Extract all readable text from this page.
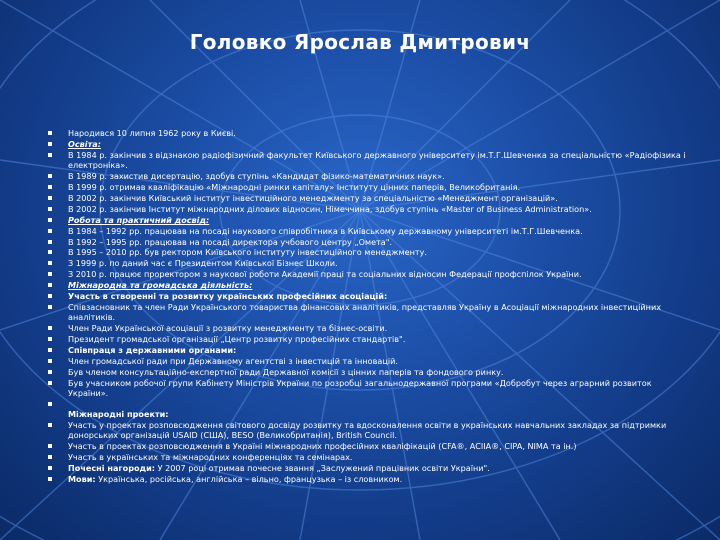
Головко Ярослав Дмитрович
Народився 10 липня 1962 року в Києві.
Освіта:
В 1984 р. закінчив з відзнакою радіофізичний факультет Київського державного університету ім.Т.Г.Шевченка за спеціальністю «Радіофізика і електроніка».
В 1989 р. захистив дисертацію, здобув ступінь «Кандидат фізико-математичних наук».
В 1999 р. отримав кваліфікацію «Міжнародні ринки капіталу» Інституту цінних паперів, Великобританія.
В 2002 р. закінчив Київський інститут інвестиційного менеджменту за спеціальністю «Менеджмент організацій».
В 2002 р. закінчив Інститут міжнародних ділових відносин, Німеччина, здобув ступінь «Master of Business Administration».
Робота та практичний досвід:
В 1984 – 1992 рр. працював на посаді наукового співробітника в Київському державному університеті ім.Т.Г.Шевченка.
В 1992 – 1995 рр. працював на посаді директора учбового центру „Омета".
В 1995 – 2010 рр. був ректором Київського інституту інвестиційного менеджменту.
З 1999 р. по даний час є Президентом Київської Бізнес Школи.
З 2010 р. працює проректором з наукової роботи Академії праці та соціальних відносин Федерації профспілок України.
Міжнародна та громадська діяльність:
Участь в створенні та розвитку українських професійних асоціацій:
Співзасновник та член Ради Українського товариства фінансових аналітиків, представляв Україну в Асоціації міжнародних інвестиційних аналітиків.
Член Ради Української асоціації з розвитку менеджменту та бізнес-освіти.
Президент громадської організації „Центр розвитку професійних стандартів".
Співпраця з державними органами:
Член громадської ради при Державному агентстві з інвестицій та інновацій.
Був членом консультаційно-експертної ради Державної комісії з цінних паперів та фондового ринку.
Був учасником робочої групи Кабінету Міністрів України по розробці загальнодержавної програми «Добробут через аграрний розвиток України».
Міжнародні проекти:
Участь у проектах розповсюдження світового досвіду розвитку та вдосконалення освіти в українських навчальних закладах за підтримки донорських організацій USAID (США), BESO (Великобританія), British Council.
Участь в проектах розповсюдження в Україні міжнародних професійних кваліфікацій (CFA®, ACIIA®, CIPA, NIMA та ін.)
Участь в українських та міжнародних конференціях та семінарах.
Почесні нагороди: У 2007 році отримав почесне звання „Заслужений працівник освіти України".
Мови: Українська, російська, англійська – вільно, французька – із словником.
